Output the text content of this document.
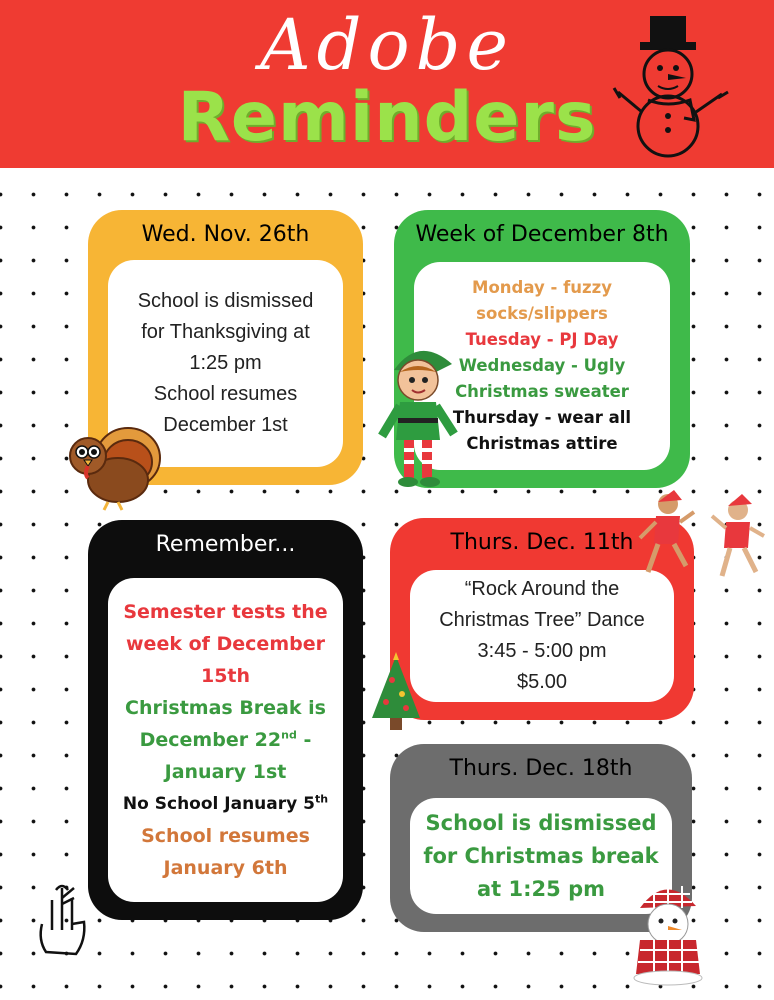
Adobe
Reminders
Wed. Nov. 26th
School is dismissed
for Thanksgiving at
1:25 pm
School resumes
December 1st
Week of December 8th
Monday - fuzzy
socks/slippers
Tuesday - PJ Day
Wednesday - Ugly
Christmas sweater
Thursday - wear all
Christmas attire
Remember...
Semester tests the
week of December
15th
Christmas Break is
December 22nd -
January 1st
No School January 5th
School resumes
January 6th
Thurs. Dec. 11th
“Rock Around the
Christmas Tree” Dance
3:45 - 5:00 pm
$5.00
Thurs. Dec. 18th
School is dismissed
for Christmas break
at 1:25 pm
